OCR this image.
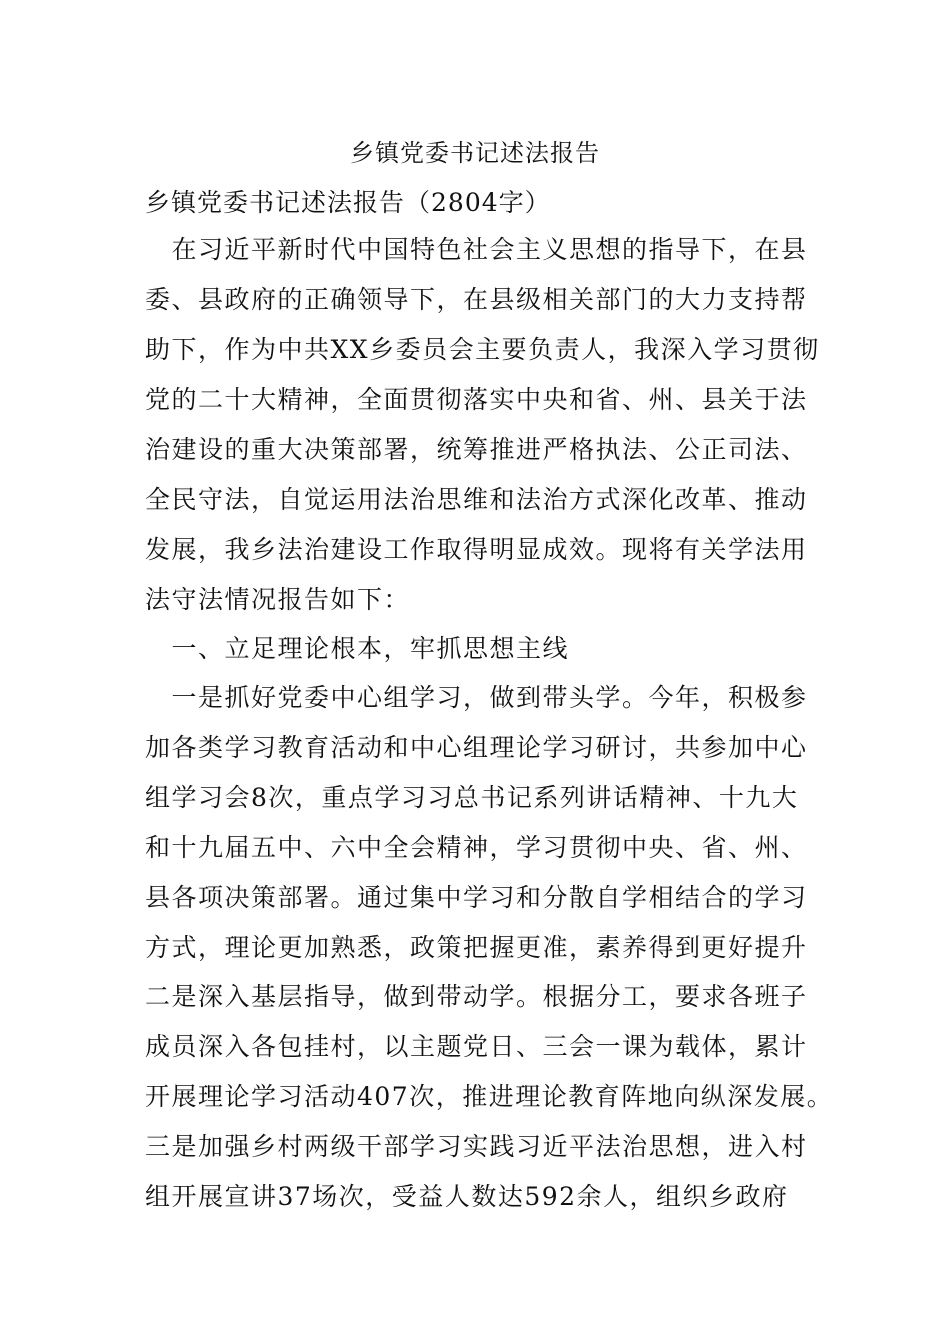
乡镇党委书记述法报告
乡镇党委书记述法报告（2804字）
　在习近平新时代中国特色社会主义思想的指导下，在县
委、县政府的正确领导下，在县级相关部门的大力支持帮
助下，作为中共XX乡委员会主要负责人，我深入学习贯彻
党的二十大精神，全面贯彻落实中央和省、州、县关于法
治建设的重大决策部署，统筹推进严格执法、公正司法、
全民守法，自觉运用法治思维和法治方式深化改革、推动
发展，我乡法治建设工作取得明显成效。现将有关学法用
法守法情况报告如下：
　一、立足理论根本，牢抓思想主线
　一是抓好党委中心组学习，做到带头学。今年，积极参
加各类学习教育活动和中心组理论学习研讨，共参加中心
组学习会8次，重点学习习总书记系列讲话精神、十九大
和十九届五中、六中全会精神，学习贯彻中央、省、州、
县各项决策部署。通过集中学习和分散自学相结合的学习
方式，理论更加熟悉，政策把握更准，素养得到更好提升
二是深入基层指导，做到带动学。根据分工，要求各班子
成员深入各包挂村，以主题党日、三会一课为载体，累计
开展理论学习活动407次，推进理论教育阵地向纵深发展。
三是加强乡村两级干部学习实践习近平法治思想，进入村
组开展宣讲37场次，受益人数达592余人，组织乡政府
